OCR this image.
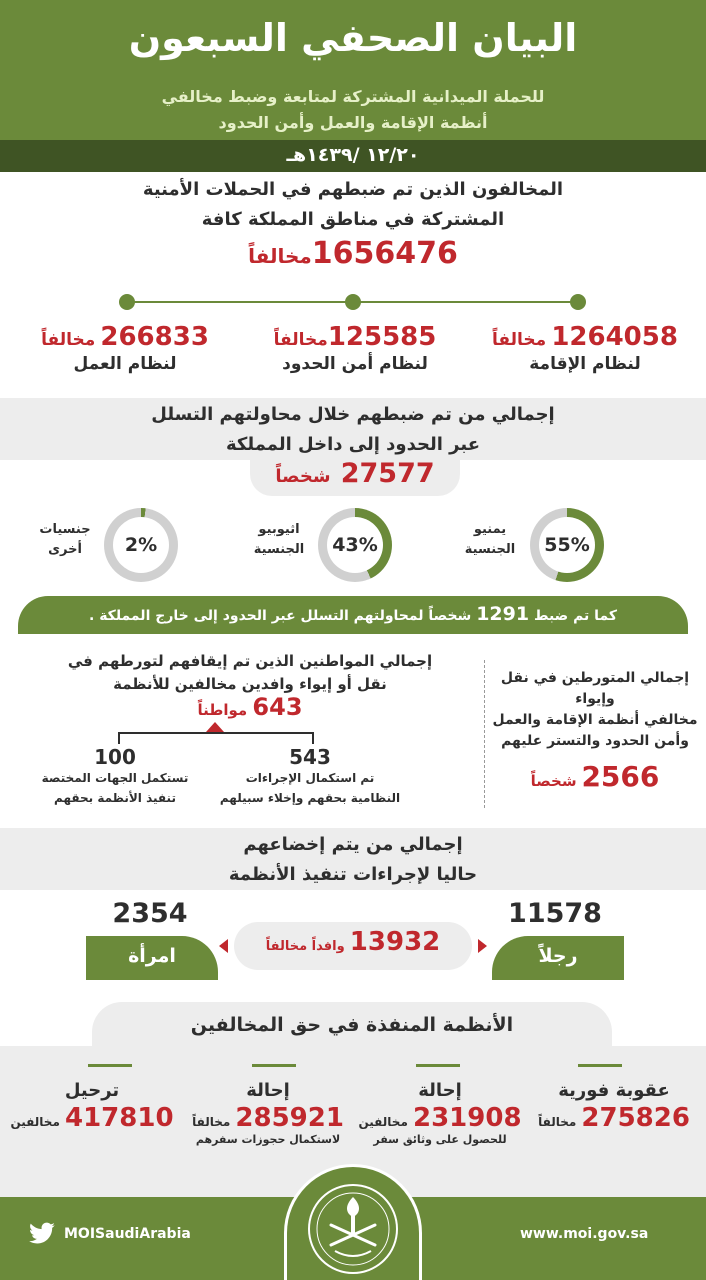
البيان الصحفي السبعون
للحملة الميدانية المشتركة لمتابعة وضبط مخالفي
أنظمة الإقامة والعمل وأمن الحدود
١٢/٢٠ /١٤٣٩هـ
المخالفون الذين تم ضبطهم في الحملات الأمنية
المشتركة في مناطق المملكة كافة
1656476مخالفاً
1264058 مخالفاً
لنظام الإقامة
125585مخالفاً
لنظام أمن الحدود
266833 مخالفاً
لنظام العمل
إجمالي من تم ضبطهم خلال محاولتهم التسلل
عبر الحدود إلى داخل المملكة
27577  شخصاً
55%
يمنيو
الجنسية
43%
اثيوبيو
الجنسية
2%
جنسيات
أخرى
كما تم ضبط 1291 شخصاً لمحاولتهم التسلل عبر الحدود إلى خارج المملكة .
إجمالي المتورطين في نقل وإيواء
مخالفي أنظمة الإقامة والعمل
وأمن الحدود والتستر عليهم
2566 شخصاً
إجمالي المواطنين الذين تم إيقافهم لتورطهم في
نقل أو إيواء وافدين مخالفين للأنظمة
643 مواطناً
543
تم استكمال الإجراءات
النظامية بحقهم وإخلاء سبيلهم
100
تستكمل الجهات المختصة
تنفيذ الأنظمة بحقهم
إجمالي من يتم إخضاعهم
حاليا لإجراءات تنفيذ الأنظمة
11578
رجلاً
2354
امرأة	13932 وافداً مخالفاً
الأنظمة المنفذة في حق المخالفين
عقوبة فورية
275826 مخالفاً
إحالة
231908 مخالفين
للحصول على وثائق سفر
إحالة
285921 مخالفاً
لاستكمال حجوزات سفرهم
ترحيل
417810 مخالفين
www.moi.gov.sa
MOISaudiArabia
